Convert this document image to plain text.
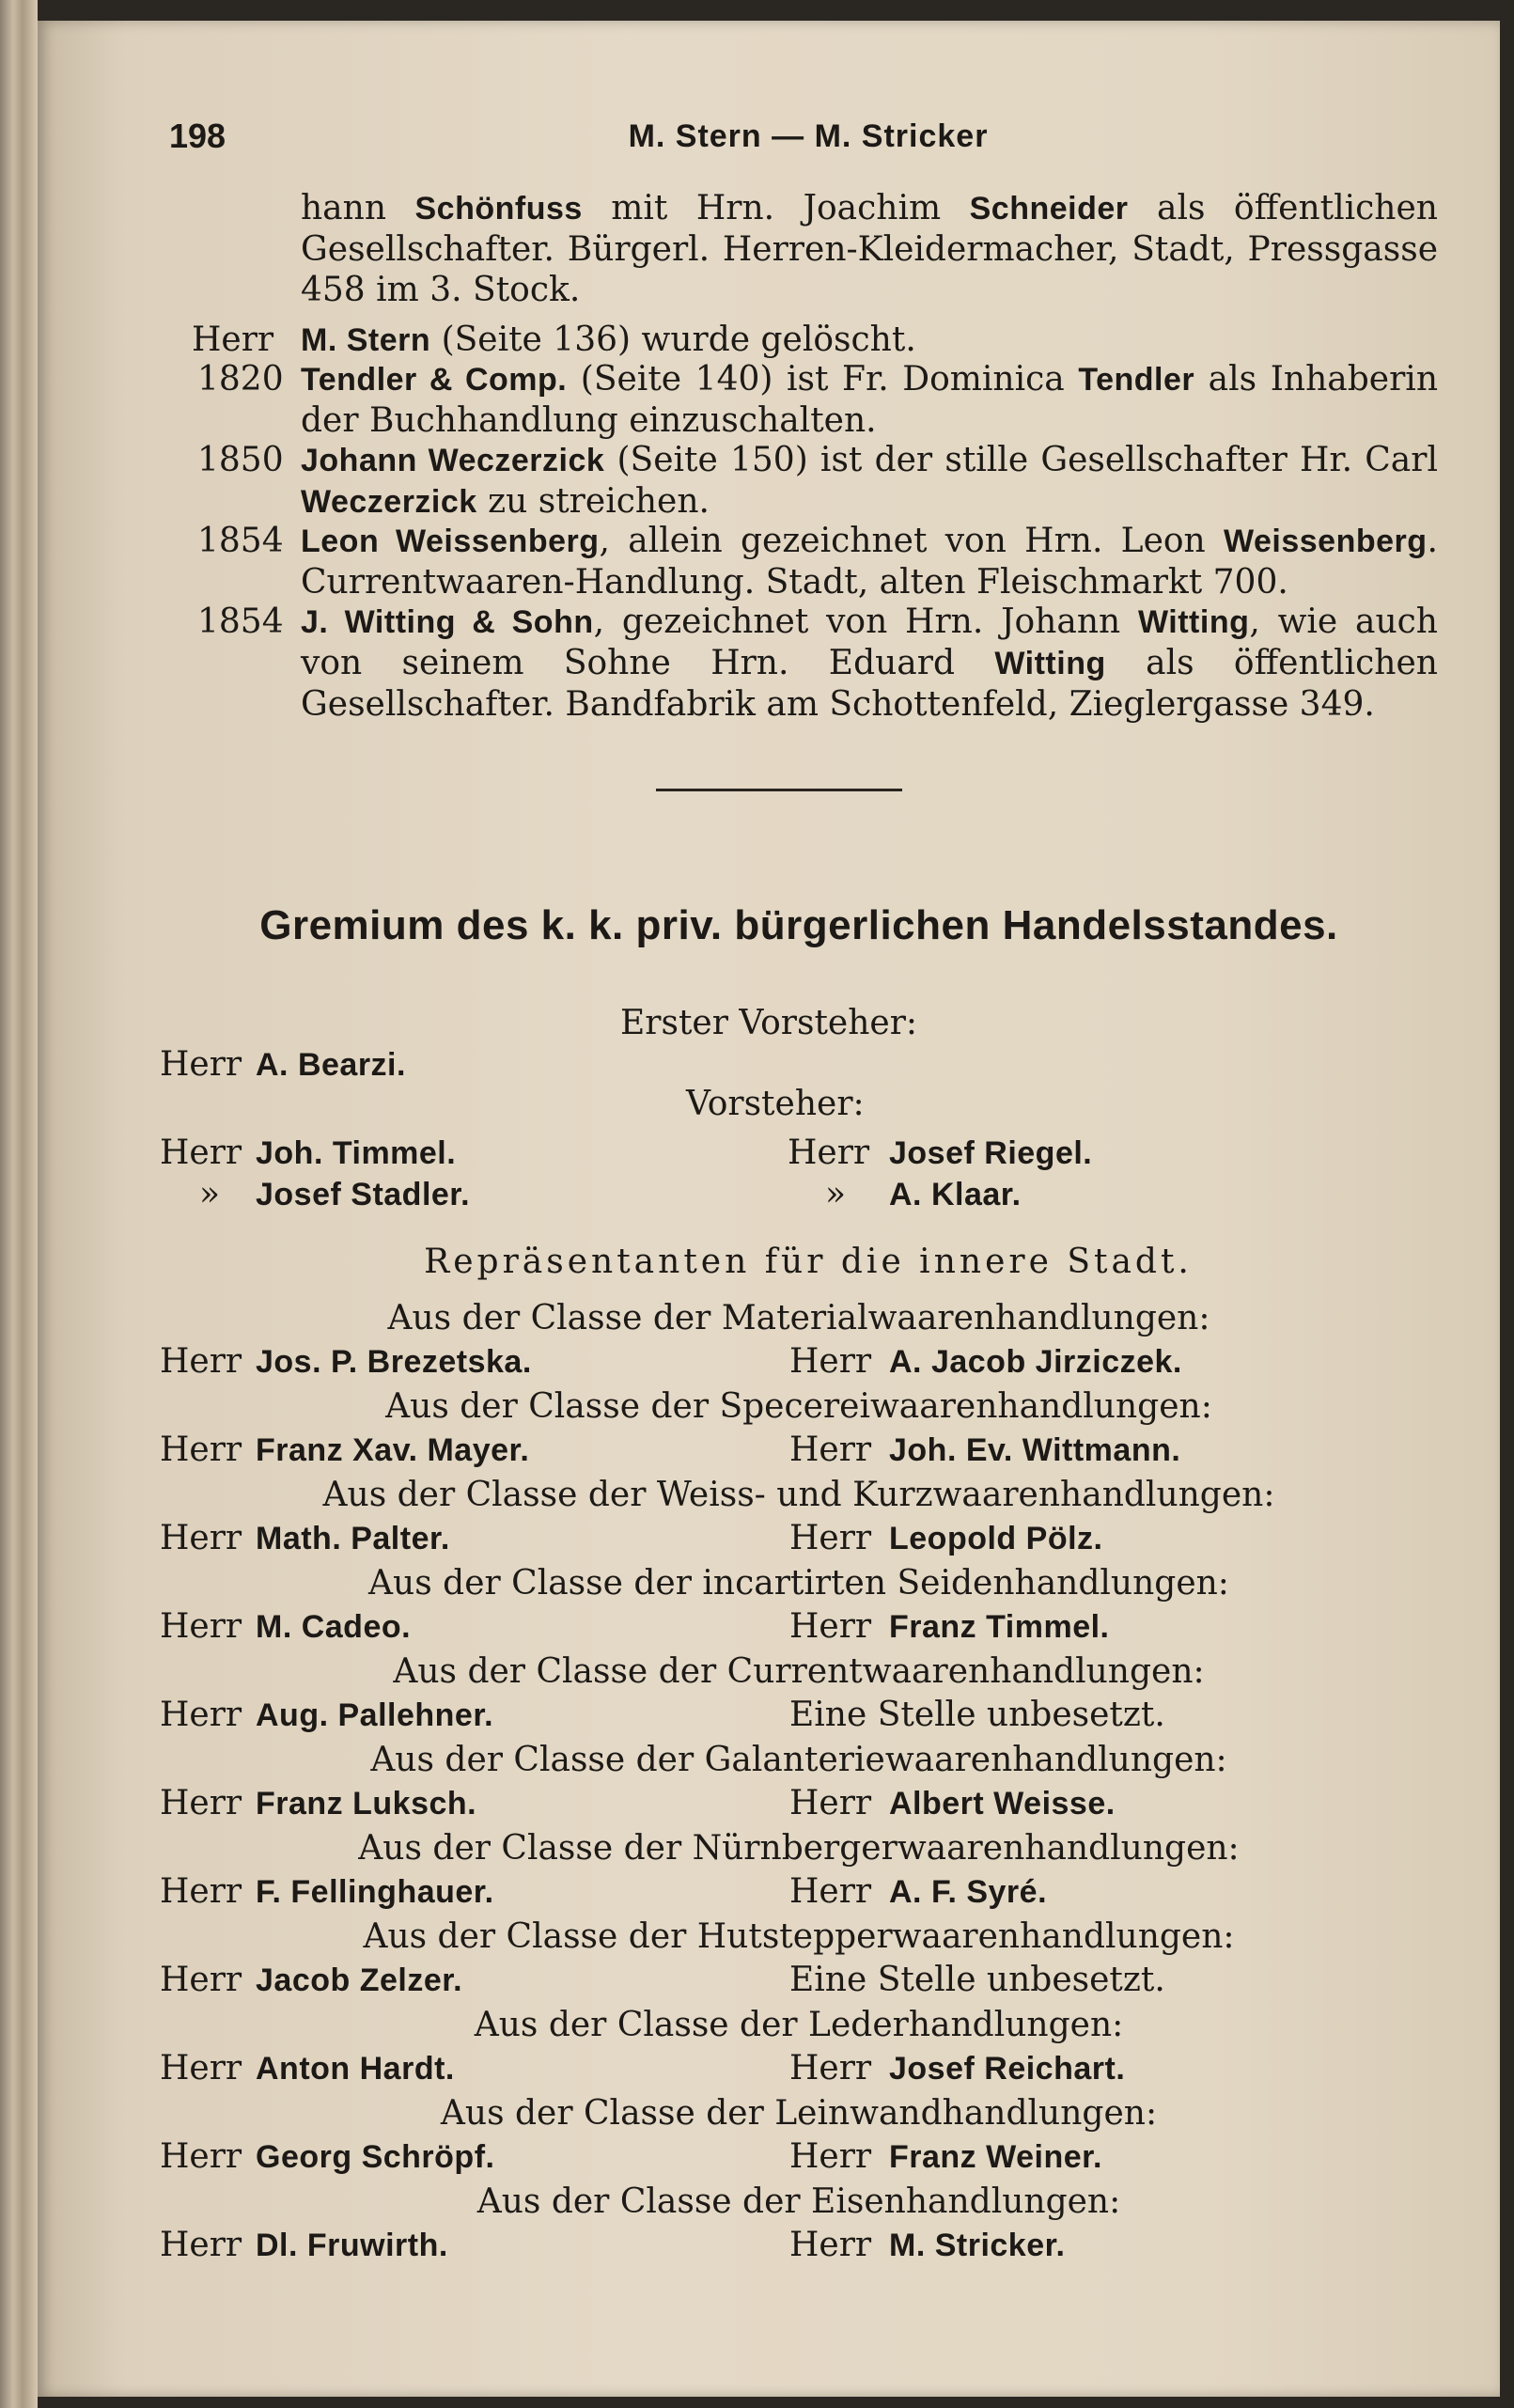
198	M. Stern — M. Stricker
hann Schönfuss mit Hrn. Joachim Schneider als öffentlichen Gesellschafter. Bürgerl. Herren-Kleidermacher, Stadt, Pressgasse 458 im 3. Stock.
Herr M. Stern (Seite 136) wurde gelöscht.
1820 Tendler & Comp. (Seite 140) ist Fr. Dominica Tendler als Inhaberin der Buchhandlung einzuschalten.
1850 Johann Weczerzick (Seite 150) ist der stille Gesellschafter Hr. Carl Weczerzick zu streichen.
1854 Leon Weissenberg, allein gezeichnet von Hrn. Leon Weissenberg. Currentwaaren-Handlung. Stadt, alten Fleischmarkt 700.
1854 J. Witting & Sohn, gezeichnet von Hrn. Johann Witting, wie auch von seinem Sohne Hrn. Eduard Witting als öffentlichen Gesellschafter. Bandfabrik am Schottenfeld, Zieglergasse 349.
Gremium des k. k. priv. bürgerlichen Handelsstandes.
Erster Vorsteher:
Herr A. Bearzi.
Vorsteher:
Herr Joh. Timmel.	Herr Josef Riegel.
» Josef Stadler.	» A. Klaar.
Repräsentanten für die innere Stadt.
Aus der Classe der Materialwaarenhandlungen:
Herr Jos. P. Brezetska.	Herr A. Jacob Jirziczek.
Aus der Classe der Specereiwaarenhandlungen:
Herr Franz Xav. Mayer.	Herr Joh. Ev. Wittmann.
Aus der Classe der Weiss- und Kurzwaarenhandlungen:
Herr Math. Palter.	Herr Leopold Pölz.
Aus der Classe der incartirten Seidenhandlungen:
Herr M. Cadeo.	Herr Franz Timmel.
Aus der Classe der Currentwaarenhandlungen:
Herr Aug. Pallehner.	Eine Stelle unbesetzt.
Aus der Classe der Galanteriewaarenhandlungen:
Herr Franz Luksch.	Herr Albert Weisse.
Aus der Classe der Nürnbergerwaarenhandlungen:
Herr F. Fellinghauer.	Herr A. F. Syré.
Aus der Classe der Hutstepperwaarenhandlungen:
Herr Jacob Zelzer.	Eine Stelle unbesetzt.
Aus der Classe der Lederhandlungen:
Herr Anton Hardt.	Herr Josef Reichart.
Aus der Classe der Leinwandhandlungen:
Herr Georg Schröpf.	Herr Franz Weiner.
Aus der Classe der Eisenhandlungen:
Herr Dl. Fruwirth.	Herr M. Stricker.
